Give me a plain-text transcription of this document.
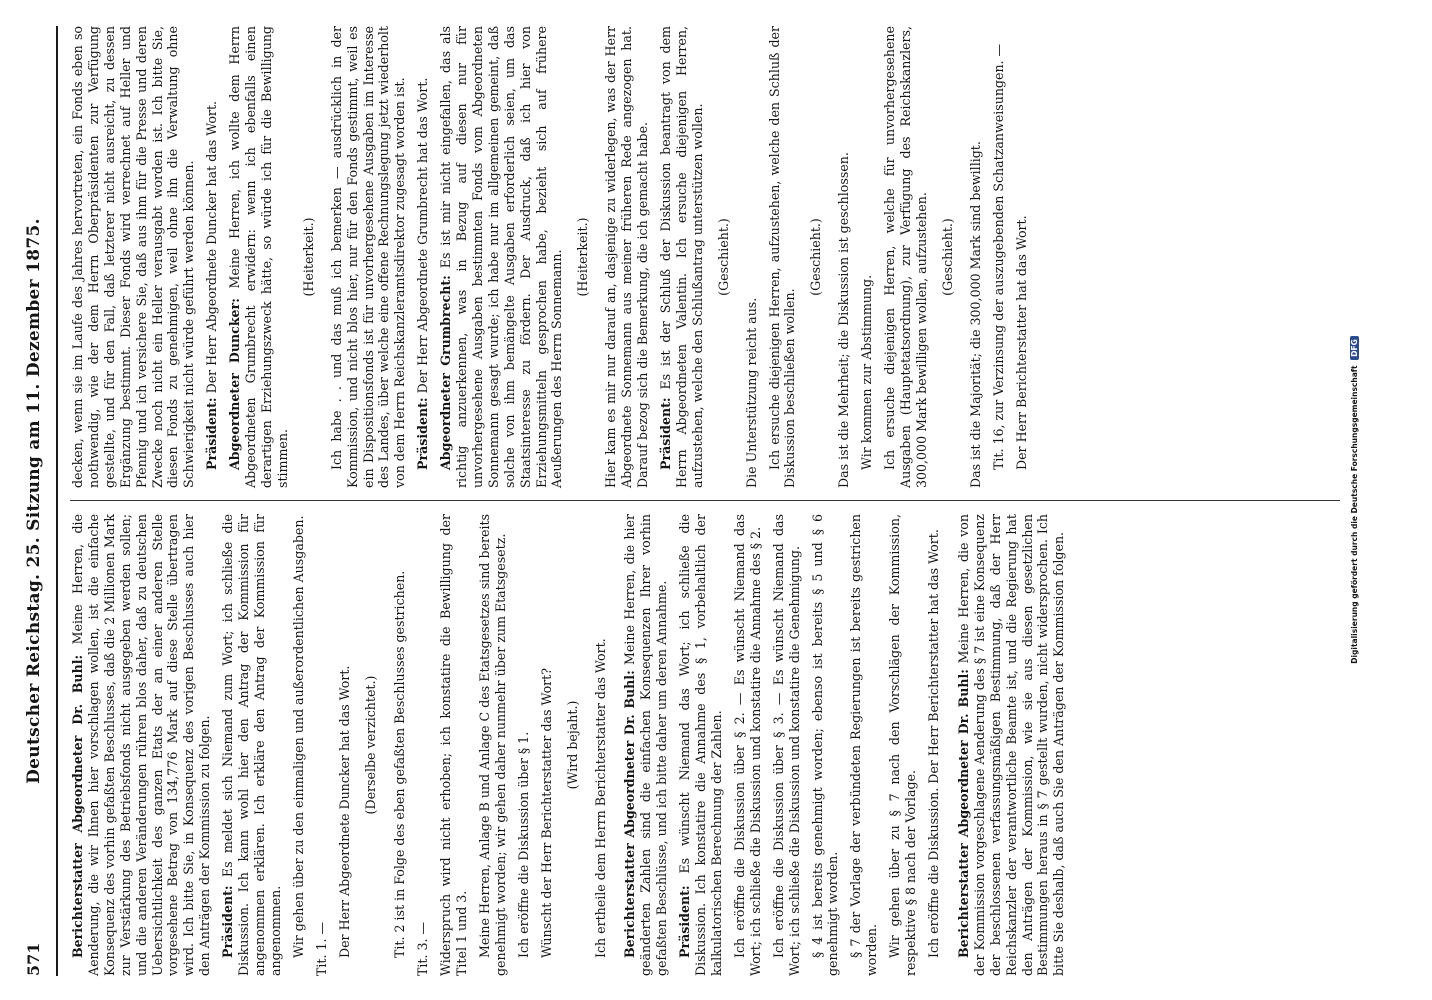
571
Deutscher Reichstag. 25. Sitzung am 11. Dezember 1875.

Berichterstatter Abgeordneter Dr. Buhl: Meine Herren, die Aenderung, die wir Ihnen hier vorschlagen wollen, ist die einfache Konsequenz des vorhin gefaßten Beschlusses, daß die 2 Millionen Mark zur Verstärkung des Betriebsfonds nicht ausgegeben werden sollen; und die anderen Veränderungen rühren blos daher, daß zu deutschen Uebersichtlichkeit des ganzen Etats der an einer anderen Stelle vorgesehene Betrag von 134,776 Mark auf diese Stelle übertragen wird. Ich bitte Sie, in Konsequenz des vorigen Beschlusses auch hier den Anträgen der Kommission zu folgen. Präsident: Es meldet sich Niemand zum Wort; ich schließe die Diskussion. Ich kann wohl hier den Antrag der Kommission für angenommen erklären. Ich erkläre den Antrag der Kommission für angenommen. Wir gehen über zu den einmaligen und außerordentlichen Ausgaben. Tit. 1. — Der Herr Abgeordnete Duncker hat das Wort. (Derselbe verzichtet.) Tit. 2 ist in Folge des eben gefaßten Beschlusses gestrichen. Tit. 3. — Widerspruch wird nicht erhoben; ich konstatire die Bewilligung der Titel 1 und 3. Meine Herren, Anlage B und Anlage C des Etatsgesetzes sind bereits genehmigt worden; wir gehen daher nunmehr über zum Etatsgesetz. Ich eröffne die Diskussion über § 1. Wünscht der Herr Berichterstatter das Wort? (Wird bejaht.) Ich ertheile dem Herrn Berichterstatter das Wort. Berichterstatter Abgeordneter Dr. Buhl: Meine Herren, die hier geänderten Zahlen sind die einfachen Konsequenzen Ihrer vorhin gefaßten Beschlüsse, und ich bitte daher um deren Annahme. Präsident: Es wünscht Niemand das Wort; ich schließe die Diskussion. Ich konstatire die Annahme des § 1, vorbehaltlich der kalkulatorischen Berechnung der Zahlen. Ich eröffne die Diskussion über § 2. — Es wünscht Niemand das Wort; ich schließe die Diskussion und konstatire die Annahme des § 2. Ich eröffne die Diskussion über § 3. — Es wünscht Niemand das Wort; ich schließe die Diskussion und konstatire die Genehmigung. § 4 ist bereits genehmigt worden; ebenso ist bereits § 5 und § 6 genehmigt worden. § 7 der Vorlage der verbündeten Regierungen ist bereits gestrichen worden. Wir gehen über zu § 7 nach den Vorschlägen der Kommission, respektive § 8 nach der Vorlage. Ich eröffne die Diskussion. Der Herr Berichterstatter hat das Wort. Berichterstatter Abgeordneter Dr. Buhl: Meine Herren, die von der Kommission vorgeschlagene Aenderung des § 7 ist eine Konsequenz der beschlossenen verfassungsmäßigen Bestimmung, daß der Herr Reichskanzler der verantwortliche Beamte ist, und die Regierung hat den Anträgen der Kommission, wie sie aus diesen gesetzlichen Bestimmungen heraus in § 7 gestellt wurden, nicht widersprochen. Ich bitte Sie deshalb, daß auch Sie den Anträgen der Kommission folgen.

decken, wenn sie im Laufe des Jahres hervortreten, ein Fonds eben so nothwendig, wie der dem Herrn Oberpräsidenten zur Verfügung gestellte, und für den Fall, daß letzterer nicht ausreicht, zu dessen Ergänzung bestimmt. Dieser Fonds wird verrechnet auf Heller und Pfennig und ich versichere Sie, daß aus ihm für die Presse und deren Zwecke noch nicht ein Heller verausgabt worden ist. Ich bitte Sie, diesen Fonds zu genehmigen, weil ohne ihn die Verwaltung ohne Schwierigkeit nicht würde geführt werden können. Präsident: Der Herr Abgeordnete Duncker hat das Wort. Abgeordneter Duncker: Meine Herren, ich wollte dem Herrn Abgeordneten Grumbrecht erwidern: wenn ich ebenfalls einen derartigen Erziehungszweck hätte, so würde ich für die Bewilligung stimmen.

(Heiterkeit.) Ich habe . . und das muß ich bemerken — ausdrücklich in der Kommission, und nicht blos hier, nur für den Fonds gestimmt, weil es ein Dispositionsfonds ist für unvorhergesehene Ausgaben im Interesse des Landes, über welche eine offene Rechnungslegung jetzt wiederholt von dem Herrn Reichskanzleramtsdirektor zugesagt worden ist. Präsident: Der Herr Abgeordnete Grumbrecht hat das Wort. Abgeordneter Grumbrecht: Es ist mir nicht eingefallen, das als richtig anzuerkennen, was in Bezug auf diesen nur für unvorhergesehene Ausgaben bestimmten Fonds vom Abgeordneten Sonnemann gesagt wurde; ich habe nur im allgemeinen gemeint, daß solche von ihm bemängelte Ausgaben erforderlich seien, um das Staatsinteresse zu fördern. Der Ausdruck, daß ich hier von Erziehungsmitteln gesprochen habe, bezieht sich auf frühere Aeußerungen des Herrn Sonnemann. (Heiterkeit.) Hier kam es mir nur darauf an, dasjenige zu widerlegen, was der Herr Abgeordnete Sonnemann aus meiner früheren Rede angezogen hat. Darauf bezog sich die Bemerkung, die ich gemacht habe. Präsident: Es ist der Schluß der Diskussion beantragt von dem Herrn Abgeordneten Valentin. Ich ersuche diejenigen Herren, aufzustehen, welche den Schlußantrag unterstützen wollen. (Geschieht.)

Die Unterstützung reicht aus. Ich ersuche diejenigen Herren, aufzustehen, welche den Schluß der Diskussion beschließen wollen.

(Geschieht.) Das ist die Mehrheit; die Diskussion ist geschlossen. Wir kommen zur Abstimmung. Ich ersuche diejenigen Herren, welche für unvorhergesehene Ausgaben (Hauptetatsordnung), zur Verfügung des Reichskanzlers, 300,000 Mark bewilligen wollen, aufzustehen. (Geschieht.) Das ist die Majorität; die 300,000 Mark sind bewilligt. Tit. 16, zur Verzinsung der auszugebenden Schatzanweisungen. — Der Herr Berichterstatter hat das Wort.

Digitalisierung gefördert durch die Deutsche Forschungsgemeinschaft DFG
